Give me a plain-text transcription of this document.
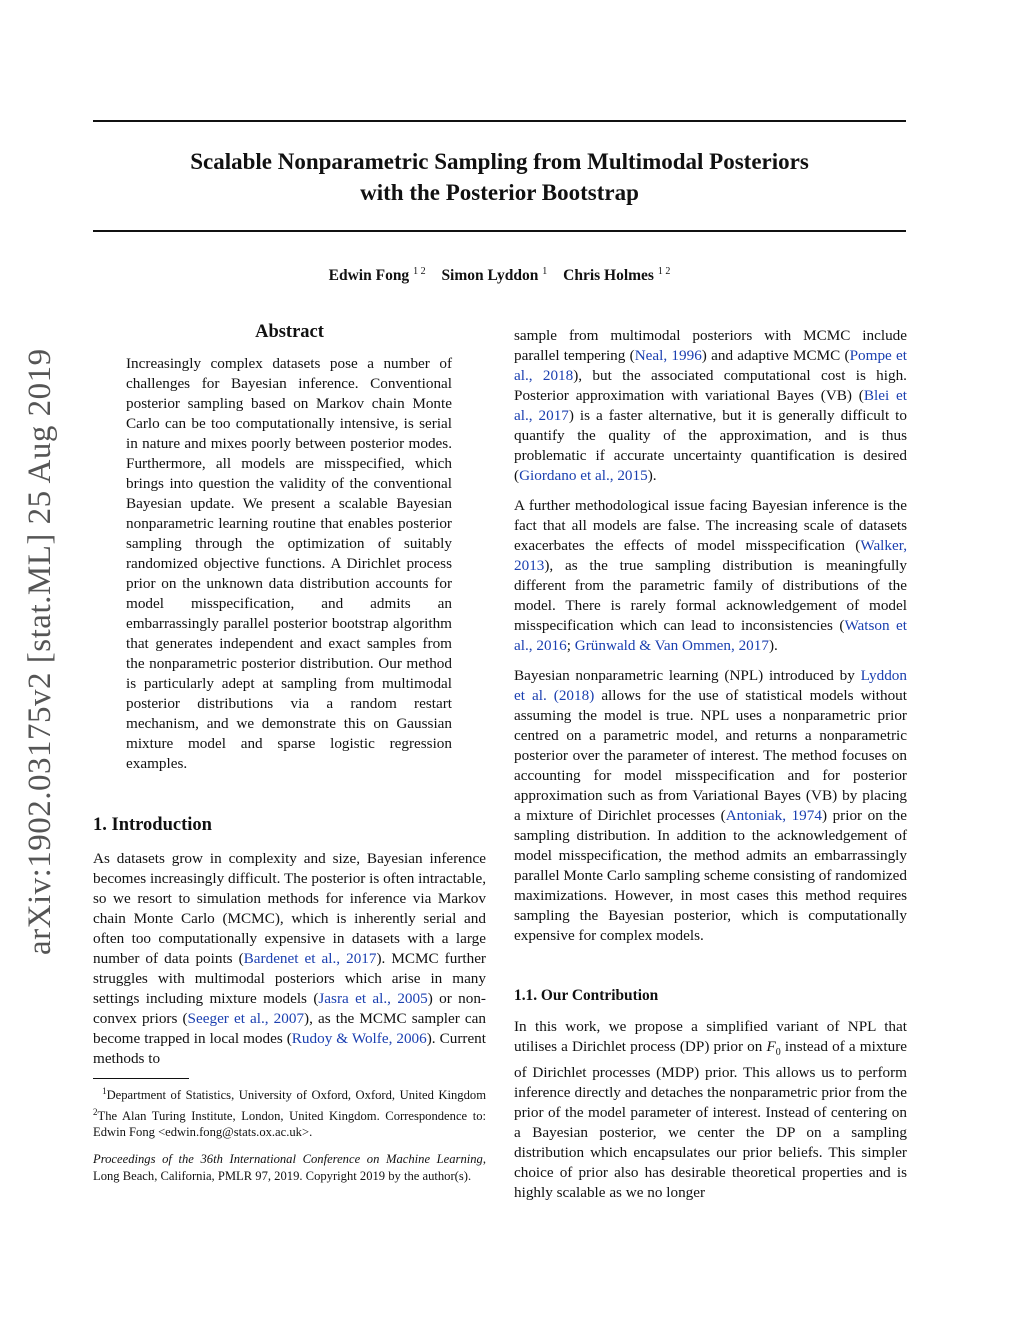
arXiv:1902.03175v2 [stat.ML] 25 Aug 2019
Scalable Nonparametric Sampling from Multimodal Posteriors
with the Posterior Bootstrap
Edwin Fong $^{1 2}$ Simon Lyddon $^1$ Chris Holmes $^{1 2}$
Abstract
Increasingly complex datasets pose a number of challenges for Bayesian inference. Conventional posterior sampling based on Markov chain Monte Carlo can be too computationally intensive, is serial in nature and mixes poorly between posterior modes. Furthermore, all models are misspecified, which brings into question the validity of the conventional Bayesian update. We present a scalable Bayesian nonparametric learning routine that enables posterior sampling through the optimization of suitably randomized objective functions. A Dirichlet process prior on the unknown data distribution accounts for model misspecification, and admits an embarrassingly parallel posterior bootstrap algorithm that generates independent and exact samples from the nonparametric posterior distribution. Our method is particularly adept at sampling from multimodal posterior distributions via a random restart mechanism, and we demonstrate this on Gaussian mixture model and sparse logistic regression examples.
1. Introduction
As datasets grow in complexity and size, Bayesian inference becomes increasingly difficult. The posterior is often intractable, so we resort to simulation methods for inference via Markov chain Monte Carlo (MCMC), which is inherently serial and often too computationally expensive in datasets with a large number of data points (Bardenet et al., 2017). MCMC further struggles with multimodal posteriors which arise in many settings including mixture models (Jasra et al., 2005) or non-convex priors (Seeger et al., 2007), as the MCMC sampler can become trapped in local modes (Rudoy & Wolfe, 2006). Current methods to
$^1$Department of Statistics, University of Oxford, Oxford, United Kingdom $^2$The Alan Turing Institute, London, United Kingdom. Correspondence to: Edwin Fong <edwin.fong@stats.ox.ac.uk>.
Proceedings of the 36th International Conference on Machine Learning, Long Beach, California, PMLR 97, 2019. Copyright 2019 by the author(s).

sample from multimodal posteriors with MCMC include parallel tempering (Neal, 1996) and adaptive MCMC (Pompe et al., 2018), but the associated computational cost is high. Posterior approximation with variational Bayes (VB) (Blei et al., 2017) is a faster alternative, but it is generally difficult to quantify the quality of the approximation, and is thus problematic if accurate uncertainty quantification is desired (Giordano et al., 2015).

A further methodological issue facing Bayesian inference is the fact that all models are false. The increasing scale of datasets exacerbates the effects of model misspecification (Walker, 2013), as the true sampling distribution is meaningfully different from the parametric family of distributions of the model. There is rarely formal acknowledgement of model misspecification which can lead to inconsistencies (Watson et al., 2016; Grünwald & Van Ommen, 2017).

Bayesian nonparametric learning (NPL) introduced by Lyddon et al. (2018) allows for the use of statistical models without assuming the model is true. NPL uses a nonparametric prior centred on a parametric model, and returns a nonparametric posterior over the parameter of interest. The method focuses on accounting for model misspecification and for posterior approximation such as from Variational Bayes (VB) by placing a mixture of Dirichlet processes (Antoniak, 1974) prior on the sampling distribution. In addition to the acknowledgement of model misspecification, the method admits an embarrassingly parallel Monte Carlo sampling scheme consisting of randomized maximizations. However, in most cases this method requires sampling the Bayesian posterior, which is computationally expensive for complex models.

1.1. Our Contribution
In this work, we propose a simplified variant of NPL that utilises a Dirichlet process (DP) prior on $F_0$ instead of a mixture of Dirichlet processes (MDP) prior. This allows us to perform inference directly and detaches the nonparametric prior from the prior of the model parameter of interest. Instead of centering on a Bayesian posterior, we center the DP on a sampling distribution which encapsulates our prior beliefs. This simpler choice of prior also has desirable theoretical properties and is highly scalable as we no longer
